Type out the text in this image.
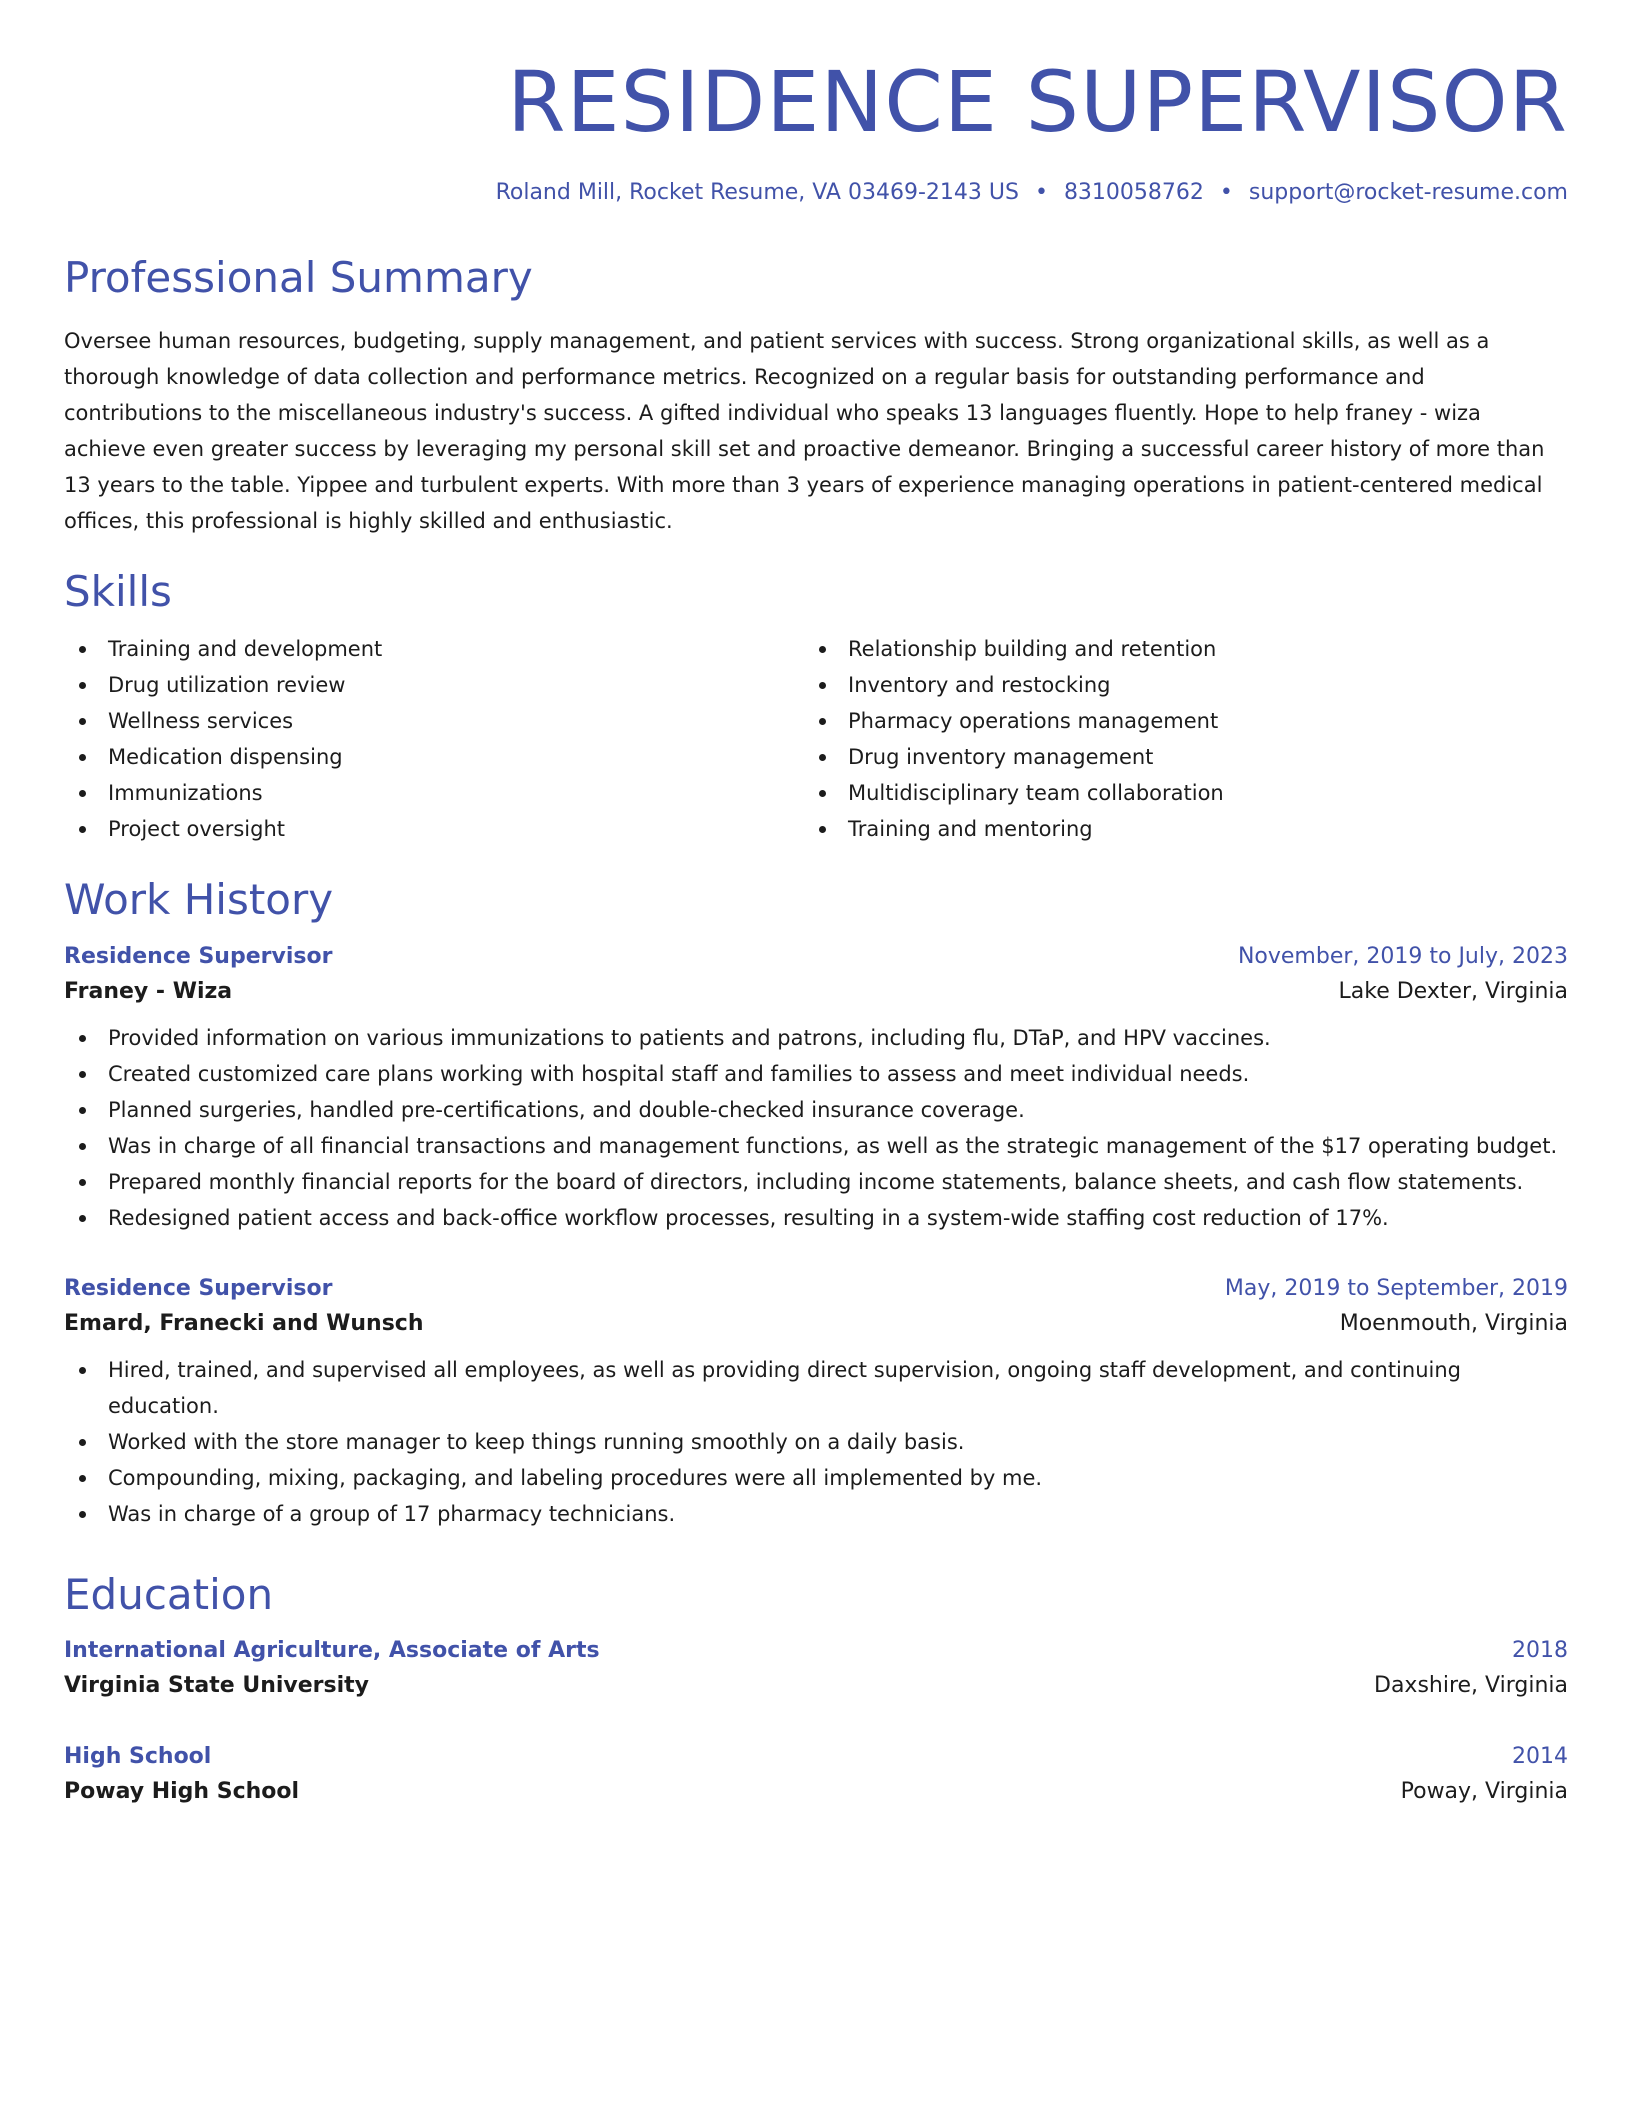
RESIDENCE SUPERVISOR
Roland Mill, Rocket Resume, VA 03469-2143 US • 8310058762 • support@rocket-resume.com
Professional Summary
Oversee human resources, budgeting, supply management, and patient services with success. Strong organizational skills, as well as a thorough knowledge of data collection and performance metrics. Recognized on a regular basis for outstanding performance and contributions to the miscellaneous industry's success. A gifted individual who speaks 13 languages fluently. Hope to help franey - wiza achieve even greater success by leveraging my personal skill set and proactive demeanor. Bringing a successful career history of more than 13 years to the table. Yippee and turbulent experts. With more than 3 years of experience managing operations in patient-centered medical offices, this professional is highly skilled and enthusiastic.
Skills
Training and development
Drug utilization review
Wellness services
Medication dispensing
Immunizations
Project oversight
Relationship building and retention
Inventory and restocking
Pharmacy operations management
Drug inventory management
Multidisciplinary team collaboration
Training and mentoring
Work History
Residence Supervisor	November, 2019 to July, 2023
Franey - Wiza	Lake Dexter, Virginia
Provided information on various immunizations to patients and patrons, including flu, DTaP, and HPV vaccines.
Created customized care plans working with hospital staff and families to assess and meet individual needs.
Planned surgeries, handled pre-certifications, and double-checked insurance coverage.
Was in charge of all financial transactions and management functions, as well as the strategic management of the $17 operating budget.
Prepared monthly financial reports for the board of directors, including income statements, balance sheets, and cash flow statements.
Redesigned patient access and back-office workflow processes, resulting in a system-wide staffing cost reduction of 17%.
Residence Supervisor	May, 2019 to September, 2019
Emard, Franecki and Wunsch	Moenmouth, Virginia
Hired, trained, and supervised all employees, as well as providing direct supervision, ongoing staff development, and continuing education.
Worked with the store manager to keep things running smoothly on a daily basis.
Compounding, mixing, packaging, and labeling procedures were all implemented by me.
Was in charge of a group of 17 pharmacy technicians.
Education
International Agriculture, Associate of Arts	2018
Virginia State University	Daxshire, Virginia
High School	2014
Poway High School	Poway, Virginia
